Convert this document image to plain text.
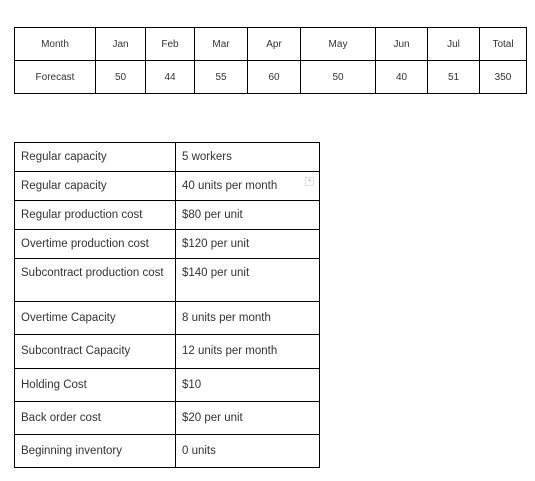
Month	Jan	Feb	Mar	Apr	May	Jun	Jul	Total
Forecast	50	44	55	60	50	40	51	350
Regular capacity	5 workers
Regular capacity	40 units per month ▼

Regular production cost	$80 per unit
Overtime production cost	$120 per unit
Subcontract production cost	$140 per unit
Overtime Capacity	8 units per month
Subcontract Capacity	12 units per month
Holding Cost	$10
Back order cost	$20 per unit
Beginning inventory	0 units
